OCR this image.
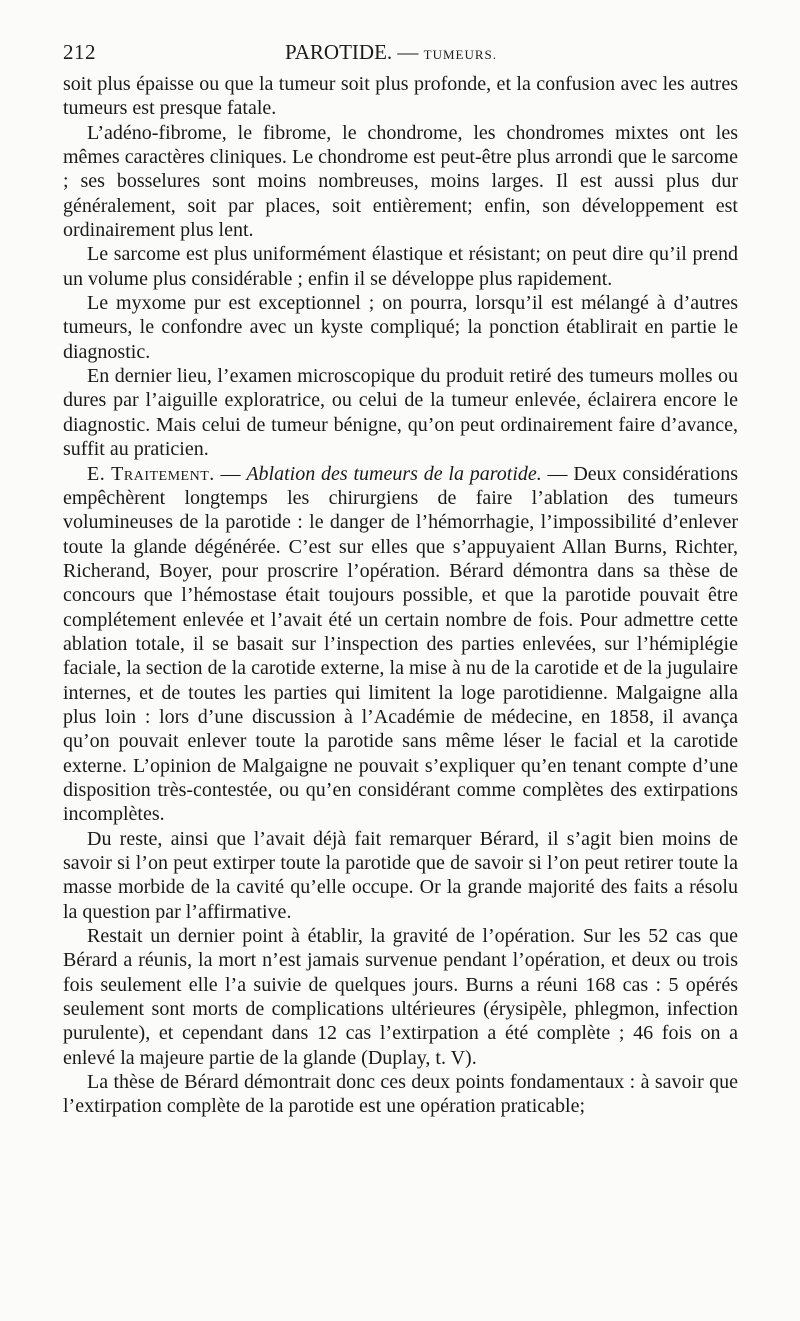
212	PAROTIDE. — TUMEURS.

soit plus épaisse ou que la tumeur soit plus profonde, et la confusion avec les autres tumeurs est presque fatale.

L’adéno-fibrome, le fibrome, le chondrome, les chondromes mixtes ont les mêmes caractères cliniques. Le chondrome est peut-être plus arrondi que le sarcome ; ses bosselures sont moins nombreuses, moins larges. Il est aussi plus dur généralement, soit par places, soit entièrement; enfin, son développement est ordinairement plus lent.

Le sarcome est plus uniformément élastique et résistant; on peut dire qu’il prend un volume plus considérable ; enfin il se développe plus rapidement.

Le myxome pur est exceptionnel ; on pourra, lorsqu’il est mélangé à d’autres tumeurs, le confondre avec un kyste compliqué; la ponction établirait en partie le diagnostic.

En dernier lieu, l’examen microscopique du produit retiré des tumeurs molles ou dures par l’aiguille exploratrice, ou celui de la tumeur enlevée, éclairera encore le diagnostic. Mais celui de tumeur bénigne, qu’on peut ordinairement faire d’avance, suffit au praticien.

E. Traitement. — Ablation des tumeurs de la parotide. — Deux considérations empêchèrent longtemps les chirurgiens de faire l’ablation des tumeurs volumineuses de la parotide : le danger de l’hémorrhagie, l’impossibilité d’enlever toute la glande dégénérée. C’est sur elles que s’appuyaient Allan Burns, Richter, Richerand, Boyer, pour proscrire l’opération. Bérard démontra dans sa thèse de concours que l’hémostase était toujours possible, et que la parotide pouvait être complétement enlevée et l’avait été un certain nombre de fois. Pour admettre cette ablation totale, il se basait sur l’inspection des parties enlevées, sur l’hémiplégie faciale, la section de la carotide externe, la mise à nu de la carotide et de la jugulaire internes, et de toutes les parties qui limitent la loge parotidienne. Malgaigne alla plus loin : lors d’une discussion à l’Académie de médecine, en 1858, il avança qu’on pouvait enlever toute la parotide sans même léser le facial et la carotide externe. L’opinion de Malgaigne ne pouvait s’expliquer qu’en tenant compte d’une disposition très-contestée, ou qu’en considérant comme complètes des extirpations incomplètes.

Du reste, ainsi que l’avait déjà fait remarquer Bérard, il s’agit bien moins de savoir si l’on peut extirper toute la parotide que de savoir si l’on peut retirer toute la masse morbide de la cavité qu’elle occupe. Or la grande majorité des faits a résolu la question par l’affirmative.

Restait un dernier point à établir, la gravité de l’opération. Sur les 52 cas que Bérard a réunis, la mort n’est jamais survenue pendant l’opération, et deux ou trois fois seulement elle l’a suivie de quelques jours. Burns a réuni 168 cas : 5 opérés seulement sont morts de complications ultérieures (érysipèle, phlegmon, infection purulente), et cependant dans 12 cas l’extirpation a été complète ; 46 fois on a enlevé la majeure partie de la glande (Duplay, t. V).

La thèse de Bérard démontrait donc ces deux points fondamentaux : à savoir que l’extirpation complète de la parotide est une opération praticable;
